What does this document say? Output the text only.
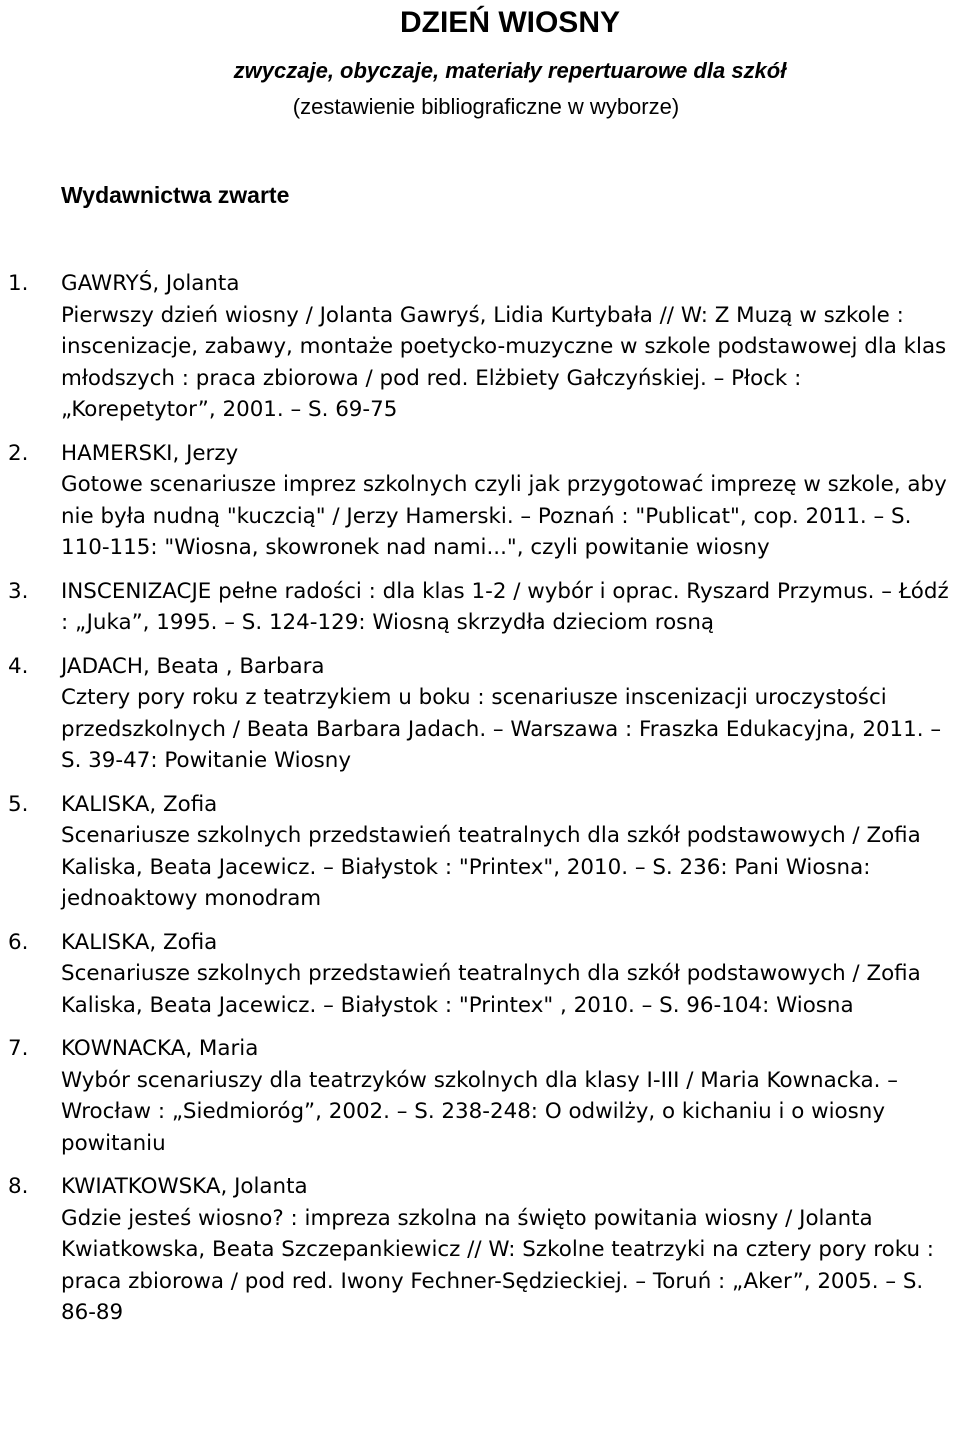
DZIEŃ WIOSNY
zwyczaje, obyczaje, materiały repertuarowe dla szkół
(zestawienie bibliograficzne w wyborze)
Wydawnictwa zwarte
1. GAWRYŚ, Jolanta
Pierwszy dzień wiosny / Jolanta Gawryś, Lidia Kurtybała // W: Z Muzą w szkole : inscenizacje, zabawy, montaże poetycko-muzyczne w szkole podstawowej dla klas młodszych : praca zbiorowa / pod red. Elżbiety Gałczyńskiej. – Płock : „Korepetytor”, 2001. – S. 69-75
2. HAMERSKI, Jerzy
Gotowe scenariusze imprez szkolnych czyli jak przygotować imprezę w szkole, aby nie była nudną "kuczcią" / Jerzy Hamerski. – Poznań : "Publicat", cop. 2011. – S. 110-115: "Wiosna, skowronek nad nami...", czyli powitanie wiosny
3. INSCENIZACJE pełne radości : dla klas 1-2 / wybór i oprac. Ryszard Przymus. – Łódź : „Juka”, 1995. – S. 124-129: Wiosną skrzydła dzieciom rosną
4. JADACH, Beata , Barbara
Cztery pory roku z teatrzykiem u boku : scenariusze inscenizacji uroczystości przedszkolnych / Beata Barbara Jadach. – Warszawa : Fraszka Edukacyjna, 2011. – S. 39-47: Powitanie Wiosny
5. KALISKA, Zofia
Scenariusze szkolnych przedstawień teatralnych dla szkół podstawowych / Zofia Kaliska, Beata Jacewicz. – Białystok : "Printex", 2010. – S. 236: Pani Wiosna: jednoaktowy monodram
6. KALISKA, Zofia
Scenariusze szkolnych przedstawień teatralnych dla szkół podstawowych / Zofia Kaliska, Beata Jacewicz. – Białystok : "Printex" , 2010. – S. 96-104: Wiosna
7. KOWNACKA, Maria
Wybór scenariuszy dla teatrzyków szkolnych dla klasy I-III / Maria Kownacka. – Wrocław : „Siedmioróg”, 2002. – S. 238-248: O odwilży, o kichaniu i o wiosny powitaniu
8. KWIATKOWSKA, Jolanta
Gdzie jesteś wiosno? : impreza szkolna na święto powitania wiosny / Jolanta Kwiatkowska, Beata Szczepankiewicz // W: Szkolne teatrzyki na cztery pory roku : praca zbiorowa / pod red. Iwony Fechner-Sędzieckiej. – Toruń : „Aker”, 2005. – S. 86-89
